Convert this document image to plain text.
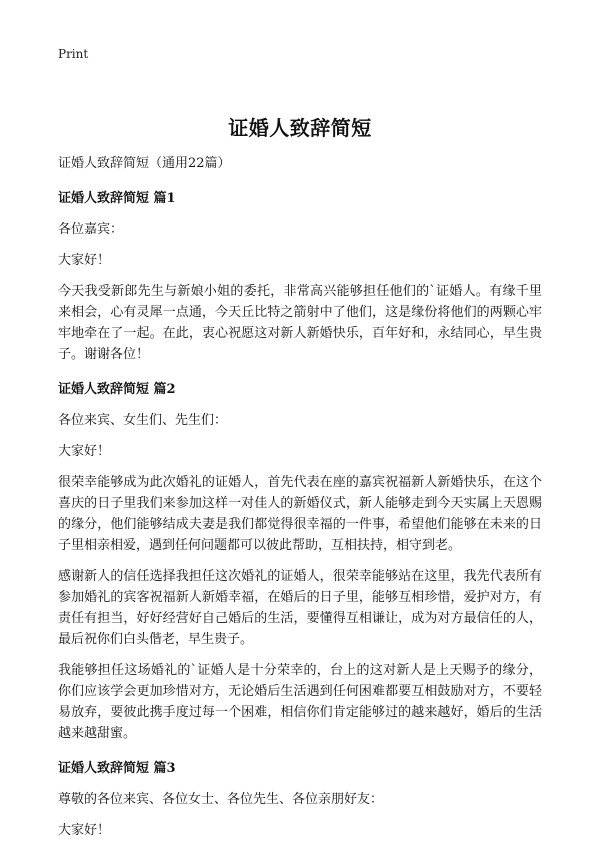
Print
证婚人致辞简短
证婚人致辞简短（通用22篇）
证婚人致辞简短 篇1
各位嘉宾：
大家好！
今天我受新郎先生与新娘小姐的委托，非常高兴能够担任他们的`证婚人。有缘千里来相会，心有灵犀一点通，今天丘比特之箭射中了他们，这是缘份将他们的两颗心牢牢地牵在了一起。在此，衷心祝愿这对新人新婚快乐，百年好和，永结同心，早生贵子。谢谢各位！
证婚人致辞简短 篇2
各位来宾、女生们、先生们：
大家好！
很荣幸能够成为此次婚礼的证婚人，首先代表在座的嘉宾祝福新人新婚快乐，在这个喜庆的日子里我们来参加这样一对佳人的新婚仪式，新人能够走到今天实属上天恩赐的缘分，他们能够结成夫妻是我们都觉得很幸福的一件事，希望他们能够在未来的日子里相亲相爱，遇到任何问题都可以彼此帮助，互相扶持，相守到老。
感谢新人的信任选择我担任这次婚礼的证婚人，很荣幸能够站在这里，我先代表所有参加婚礼的宾客祝福新人新婚幸福，在婚后的日子里，能够互相珍惜，爱护对方，有责任有担当，好好经营好自己婚后的生活，要懂得互相谦让，成为对方最信任的人，最后祝你们白头偕老，早生贵子。
我能够担任这场婚礼的`证婚人是十分荣幸的，台上的这对新人是上天赐予的缘分，你们应该学会更加珍惜对方，无论婚后生活遇到任何困难都要互相鼓励对方，不要轻易放弃，要彼此携手度过每一个困难，相信你们肯定能够过的越来越好，婚后的生活越来越甜蜜。
证婚人致辞简短 篇3
尊敬的各位来宾、各位女士、各位先生、各位亲朋好友：
大家好！
